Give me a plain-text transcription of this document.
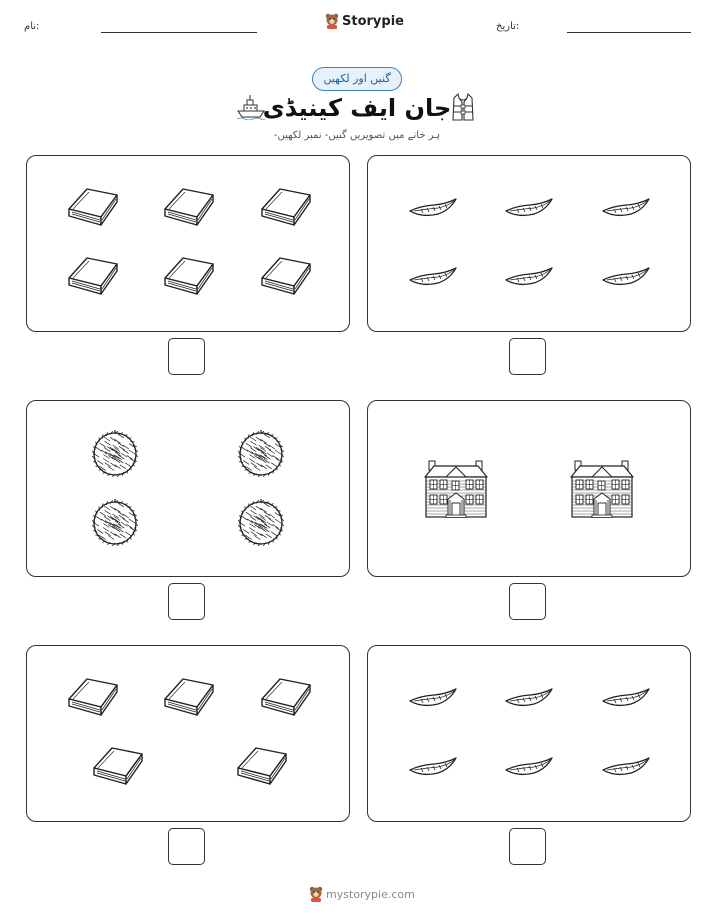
نام:	Storypie	تاریخ:
گنیں اور لکھیں
جان ایف کینیڈی
ہر خانے میں تصویریں گنیں- نمبر لکھیں-
mystorypie.com
